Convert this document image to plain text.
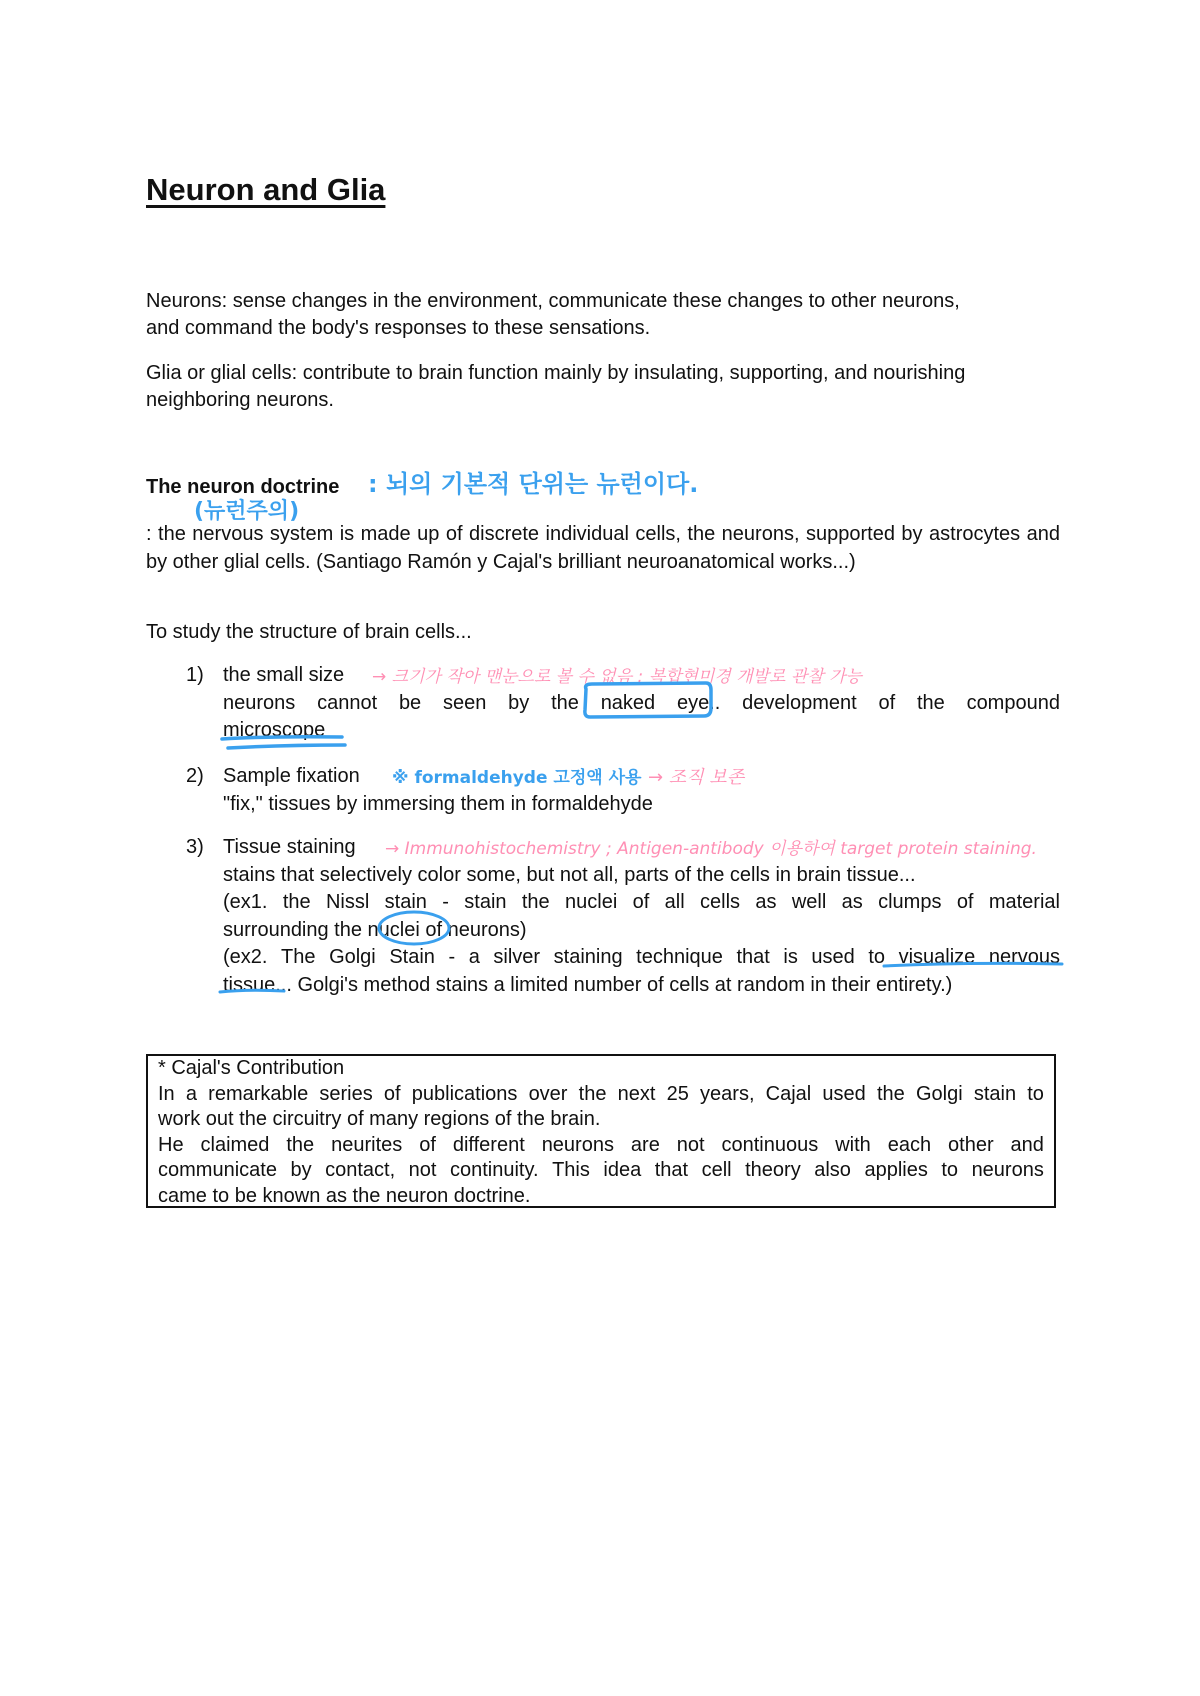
Neuron and Glia

Neurons: sense changes in the environment, communicate these changes to other neurons,
and command the body's responses to these sensations.

Glia or glial cells: contribute to brain function mainly by insulating, supporting, and nourishing
neighboring neurons.

The neuron doctrine

: the nervous system is made up of discrete individual cells, the neurons, supported by astrocytes and by other glial cells. (Santiago Ramón y Cajal's brilliant neuroanatomical works...)

To study the structure of brain cells...

1) the small size
neurons cannot be seen by the naked eye.. development of the compound
microscope
2) Sample fixation
"fix," tissues by immersing them in formaldehyde
3) Tissue staining
stains that selectively color some, but not all, parts of the cells in brain tissue...
(ex1. the Nissl stain - stain the nuclei of all cells as well as clumps of material
surrounding the nuclei of neurons)
(ex2. The Golgi Stain - a silver staining technique that is used to visualize nervous
tissue... Golgi's method stains a limited number of cells at random in their entirety.)
* Cajal's Contribution
In a remarkable series of publications over the next 25 years, Cajal used the Golgi stain to
work out the circuitry of many regions of the brain.
He claimed the neurites of different neurons are not continuous with each other and
communicate by contact, not continuity. This idea that cell theory also applies to neurons
came to be known as the neuron doctrine.
: 뇌의 기본적 단위는 뉴런이다.
(뉴런주의)
→ 크기가 작아 맨눈으로 볼 수 없음 : 복합현미경 개발로 관찰 가능
※ formaldehyde 고정액 사용 → 조직 보존
→ Immunohistochemistry ; Antigen-antibody 이용하여 target protein staining.
